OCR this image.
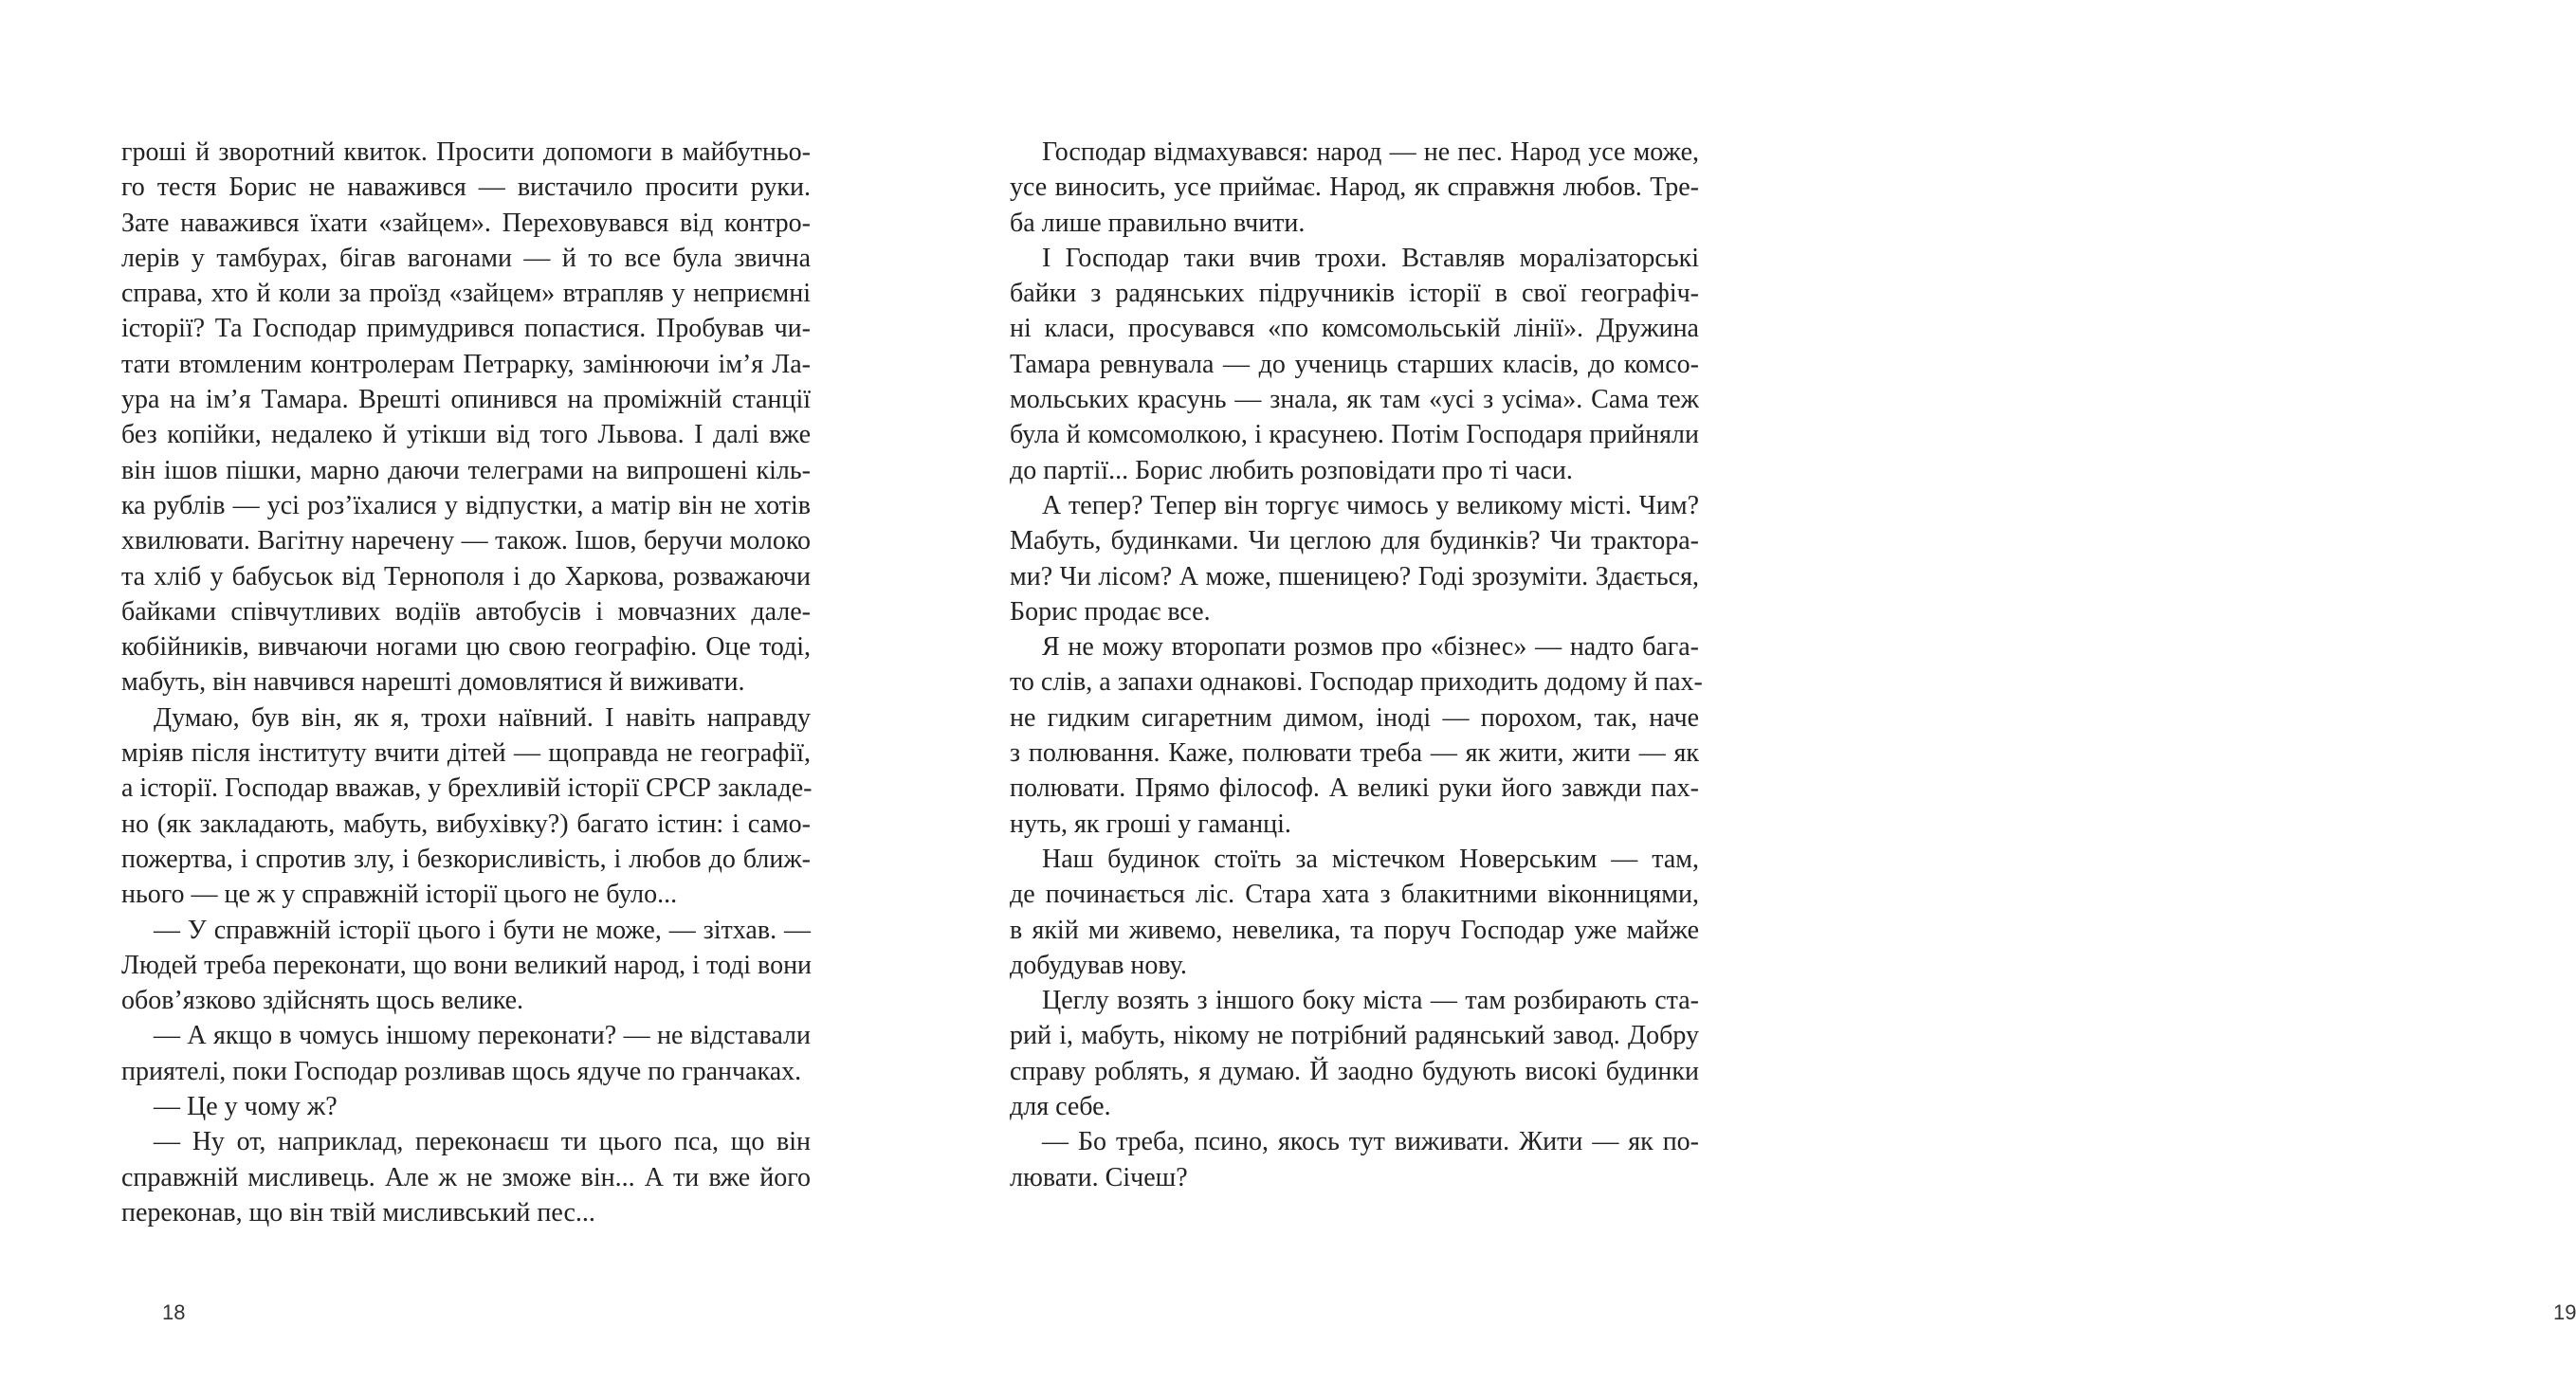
гроші й зворотний квиток. Просити допомоги в майбутньо-
го тестя Борис не наважився — вистачило просити руки.
Зате наважився їхати «зайцем». Переховувався від контро-
лерів у тамбурах, бігав вагонами — й то все була звична
справа, хто й коли за проїзд «зайцем» втрапляв у неприємні
історії? Та Господар примудрився попастися. Пробував чи-
тати втомленим контролерам Петрарку, замінюючи ім’я Ла-
ура на ім’я Тамара. Врешті опинився на проміжній станції
без копійки, недалеко й утікши від того Львова. І далі вже
він ішов пішки, марно даючи телеграми на випрошені кіль-
ка рублів — усі роз’їхалися у відпустки, а матір він не хотів
хвилювати. Вагітну наречену — також. Ішов, беручи молоко
та хліб у бабусьок від Тернополя і до Харкова, розважаючи
байками співчутливих водіїв автобусів і мовчазних дале-
кобійників, вивчаючи ногами цю свою географію. Оце тоді,
мабуть, він навчився нарешті домовлятися й виживати.
Думаю, був він, як я, трохи наївний. І навіть направду
мріяв після інституту вчити дітей — щоправда не географії,
а історії. Господар вважав, у брехливій історії СРСР закладе-
но (як закладають, мабуть, вибухівку?) багато істин: і само-
пожертва, і спротив злу, і безкорисливість, і любов до ближ-
нього — це ж у справжній історії цього не було...
— У справжній історії цього і бути не може, — зітхав. —
Людей треба переконати, що вони великий народ, і тоді вони
обов’язково здійснять щось велике.
— А якщо в чомусь іншому переконати? — не відставали
приятелі, поки Господар розливав щось ядуче по гранчаках.
— Це у чому ж?
— Ну от, наприклад, переконаєш ти цього пса, що він
справжній мисливець. Але ж не зможе він... А ти вже його
переконав, що він твій мисливський пес...
18	19
Господар відмахувався: народ — не пес. Народ усе може,
усе виносить, усе приймає. Народ, як справжня любов. Тре-
ба лише правильно вчити.
І Господар таки вчив трохи. Вставляв моралізаторські
байки з радянських підручників історії в свої географіч-
ні класи, просувався «по комсомольській лінії». Дружина
Тамара ревнувала — до учениць старших класів, до комсо-
мольських красунь — знала, як там «усі з усіма». Сама теж
була й комсомолкою, і красунею. Потім Господаря прийняли
до партії... Борис любить розповідати про ті часи.
А тепер? Тепер він торгує чимось у великому місті. Чим?
Мабуть, будинками. Чи цеглою для будинків? Чи трактора-
ми? Чи лісом? А може, пшеницею? Годі зрозуміти. Здається,
Борис продає все.
Я не можу второпати розмов про «бізнес» — надто бага-
то слів, а запахи однакові. Господар приходить додому й пах-
не гидким сигаретним димом, іноді — порохом, так, наче
з полювання. Каже, полювати треба — як жити, жити — як
полювати. Прямо філософ. А великі руки його завжди пах-
нуть, як гроші у гаманці.
Наш будинок стоїть за містечком Новерським — там,
де починається ліс. Стара хата з блакитними віконницями,
в якій ми живемо, невелика, та поруч Господар уже майже
добудував нову.
Цеглу возять з іншого боку міста — там розбирають ста-
рий і, мабуть, нікому не потрібний радянський завод. Добру
справу роблять, я думаю. Й заодно будують високі будинки
для себе.
— Бо треба, псино, якось тут виживати. Жити — як по-
лювати. Січеш?
